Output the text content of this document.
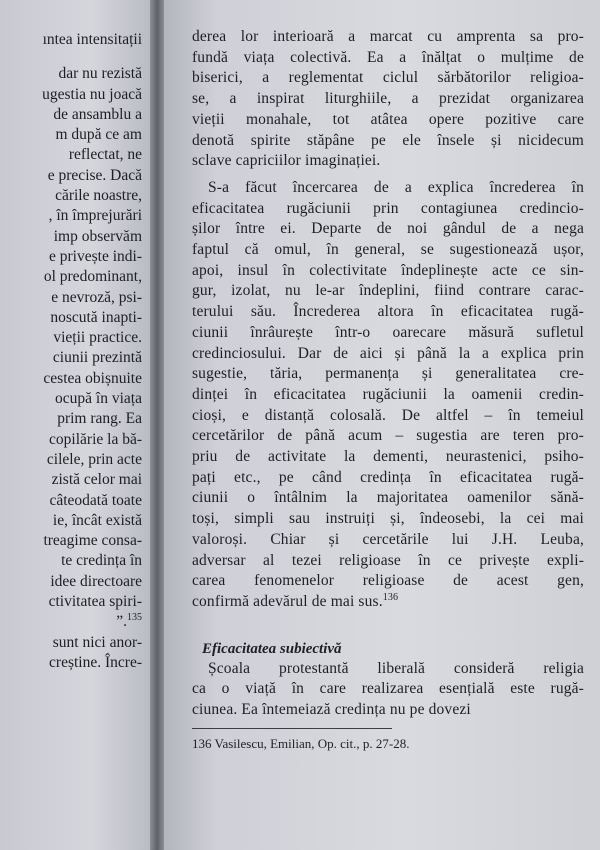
ıntea intensitații
dar nu rezistă
ugestia nu joacă
de ansamblu a
m după ce am
reflectat, ne
e precise. Dacă
cările noastre,
, în împrejurări
imp observăm
e privește indi-
ol predominant,
e nevroză, psi-
noscută inapti-
vieții practice.
ciunii prezintă
cestea obișnuite
ocupă în viața
prim rang. Ea
copilărie la bă-
cilele, prin acte
zistă celor mai
câteodată toate
ie, încât există
treagime consa-
te credința în
idee directoare
ctivitatea spiri-
”.$^{135}$
sunt nici anor-
creștine. Încre-
derea lor interioară a marcat cu amprenta sa pro-
fundă viața colectivă. Ea a înălțat o mulțime de
biserici, a reglementat ciclul sărbătorilor religioa-
se, a inspirat liturghiile, a prezidat organizarea
vieții monahale, tot atâtea opere pozitive care
denotă spirite stăpâne pe ele însele și nicidecum
sclave capriciilor imaginației.
S-a făcut încercarea de a explica încrederea în
eficacitatea rugăciunii prin contagiunea credincio-
șilor între ei. Departe de noi gândul de a nega
faptul că omul, în general, se sugestionează ușor,
apoi, insul în colectivitate îndeplinește acte ce sin-
gur, izolat, nu le-ar îndeplini, fiind contrare carac-
terului său. Încrederea altora în eficacitatea rugă-
ciunii înrâurește într-o oarecare măsură sufletul
credinciosului. Dar de aici și până la a explica prin
sugestie, tăria, permanența și generalitatea cre-
dinței în eficacitatea rugăciunii la oamenii credin-
cioși, e distanță colosală. De altfel – în temeiul
cercetărilor de până acum – sugestia are teren pro-
priu de activitate la dementi, neurastenici, psiho-
pați etc., pe când credința în eficacitatea rugă-
ciunii o întâlnim la majoritatea oamenilor sănă-
toși, simpli sau instruiți și, îndeosebi, la cei mai
valoroși. Chiar și cercetările lui J.H. Leuba,
adversar al tezei religioase în ce privește expli-
carea fenomenelor religioase de acest gen,
confirmă adevărul de mai sus.$^{136}$
Eficacitatea subiectivă
Școala protestantă liberală consideră religia
ca o viață în care realizarea esențială este rugă-
ciunea. Ea întemeiază credința nu pe dovezi
136 Vasilescu, Emilian, Op. cit., p. 27-28.
